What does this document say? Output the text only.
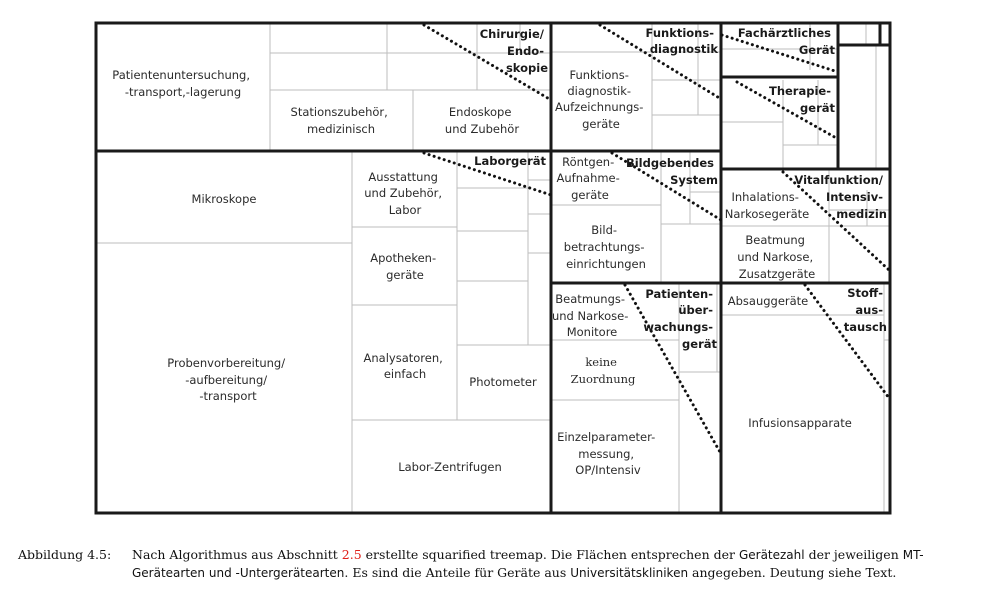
Patientenuntersuchung, -transport,-lagerung
Stationszubehör, medizinisch
Endoskope und Zubehör
Funktions- diagnostik- Aufzeichnungs- geräte
Mikroskope
Probenvorbereitung/ -aufbereitung/ -transport
Ausstattung und Zubehör, Labor
Apotheken- geräte
Analysatoren, einfach
Photometer
Labor-Zentrifugen
Röntgen- Aufnahme- geräte
Bild- betrachtungs- einrichtungen
Inhalations- Narkosegeräte
Beatmung und Narkose, Zusatzgeräte
Beatmungs- und Narkose- Monitore
keine Zuordnung
Einzelparameter- messung, OP/Intensiv
Absauggeräte
Infusionsapparate
Chirurgie/ Endo- skopie
Funktions- diagnostik
Fachärztliches Gerät
Therapie- gerät
Laborgerät	Bildgebendes System	Vitalfunktion/ Intensiv- medizin
Patienten- über- wachungs- gerät
Stoff- aus- tausch
Abbildung 4.5: Nach Algorithmus aus Abschnitt 2.5 erstellte squarified treemap. Die Flächen entsprechen der Gerätezahl der jeweiligen MT-
Gerätearten und -Untergerätearten. Es sind die Anteile für Geräte aus Universitätskliniken angegeben. Deutung siehe Text.
